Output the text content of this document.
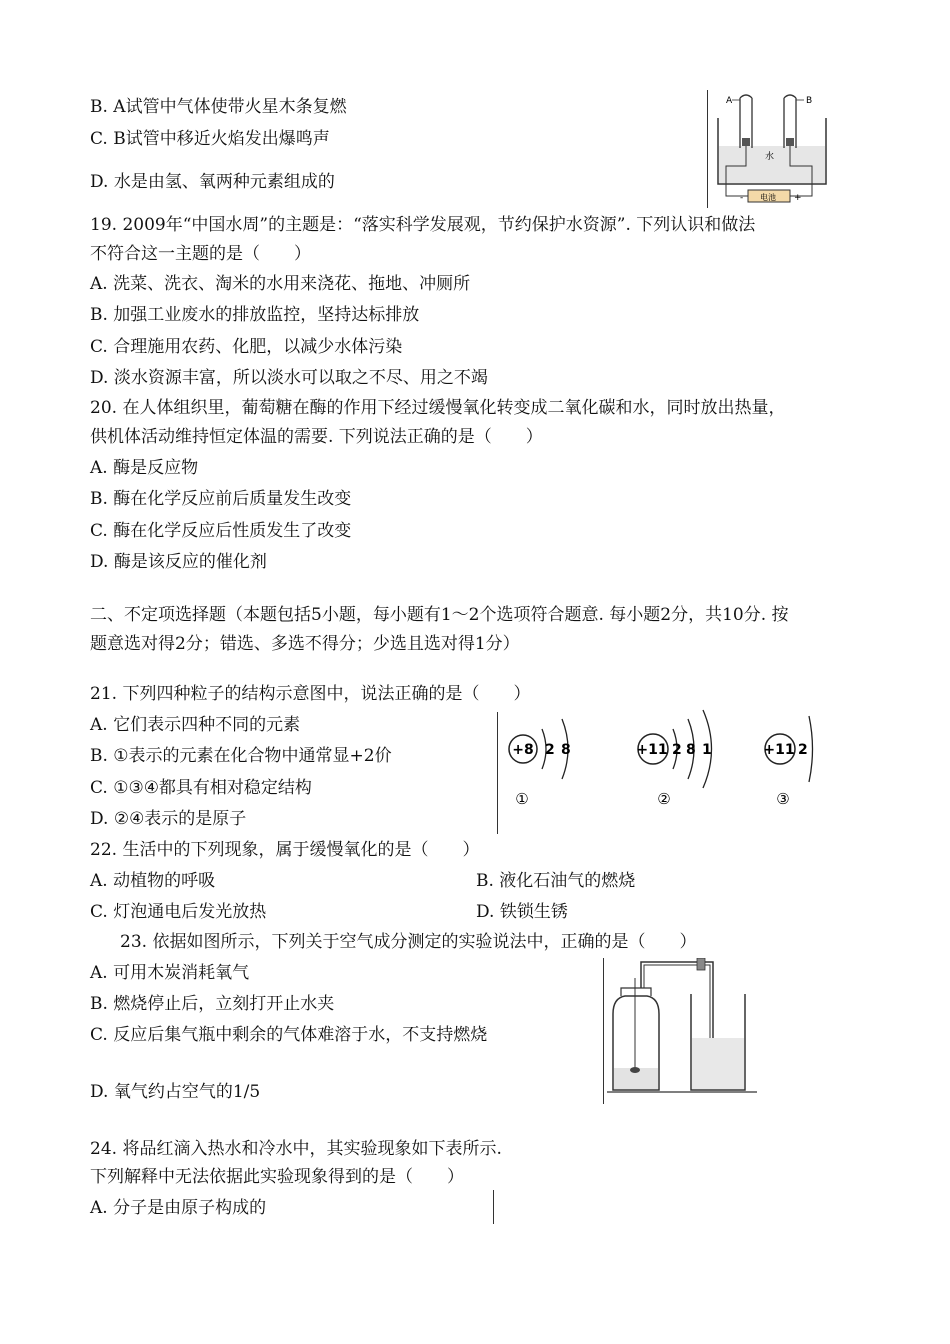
B. A试管中气体使带火星木条复燃
C. B试管中移近火焰发出爆鸣声
D. 水是由氢、氧两种元素组成的
A	B
水
电池
-	+
19. 2009年“中国水周”的主题是：“落实科学发展观，节约保护水资源”. 下列认识和做法
不符合这一主题的是（　　）
A. 洗菜、洗衣、淘米的水用来浇花、拖地、冲厕所
B. 加强工业废水的排放监控，坚持达标排放
C. 合理施用农药、化肥，以减少水体污染
D. 淡水资源丰富，所以淡水可以取之不尽、用之不竭
20. 在人体组织里，葡萄糖在酶的作用下经过缓慢氧化转变成二氧化碳和水，同时放出热量，
供机体活动维持恒定体温的需要. 下列说法正确的是（　　）
A. 酶是反应物
B. 酶在化学反应前后质量发生改变
C. 酶在化学反应后性质发生了改变
D. 酶是该反应的催化剂
二、不定项选择题（本题包括5小题，每小题有1～2个选项符合题意. 每小题2分，共10分. 按
题意选对得2分；错选、多选不得分；少选且选对得1分）
21. 下列四种粒子的结构示意图中，说法正确的是（　　）
A. 它们表示四种不同的元素
B. ①表示的元素在化合物中通常显+2价
C. ①③④都具有相对稳定结构
D. ②④表示的是原子
+8 2 8
①
+11 2 8 1
②
+11 2
③
22. 生活中的下列现象，属于缓慢氧化的是（　　）
A. 动植物的呼吸	B. 液化石油气的燃烧
C. 灯泡通电后发光放热	D. 铁锁生锈
23. 依据如图所示，下列关于空气成分测定的实验说法中，正确的是（　　）
A. 可用木炭消耗氧气
B. 燃烧停止后，立刻打开止水夹
C. 反应后集气瓶中剩余的气体难溶于水，不支持燃烧
D. 氧气约占空气的1/5
24. 将品红滴入热水和冷水中，其实验现象如下表所示.
下列解释中无法依据此实验现象得到的是（　　）
A. 分子是由原子构成的
